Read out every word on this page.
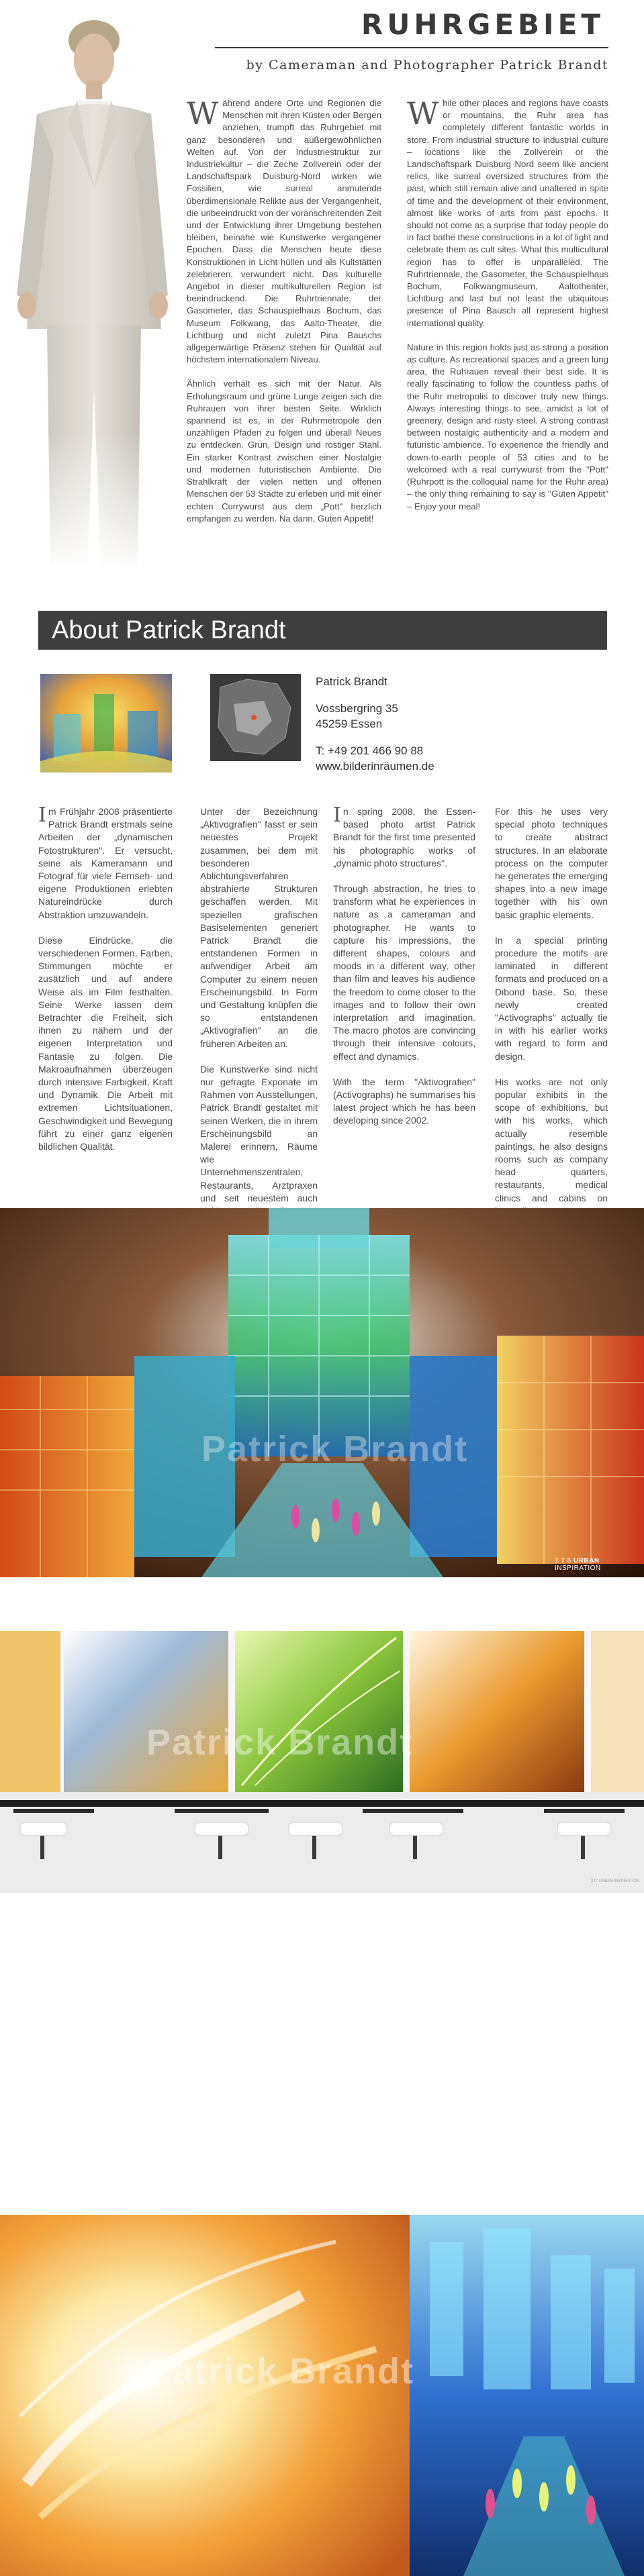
RUHRGEBIET
by Cameraman and Photographer Patrick Brandt

Während andere Orte und Regionen die Menschen mit ihren Küsten oder Bergen anziehen, trumpft das Ruhrgebiet mit ganz besonderen und außergewöhnlichen Welten auf. Von der Industriestruktur zur Industriekultur – die Zeche Zollverein oder der Landschaftspark Duisburg-Nord wirken wie Fossilien, wie surreal anmutende überdimensionale Relikte aus der Vergangenheit, die unbeeindruckt von der voranschreitenden Zeit und der Entwicklung ihrer Umgebung bestehen bleiben, beinahe wie Kunstwerke vergangener Epochen. Dass die Menschen heute diese Konstruktionen in Licht hüllen und als Kultstätten zelebrieren, verwundert nicht. Das kulturelle Angebot in dieser multikulturellen Region ist beeindruckend. Die Ruhrtriennale, der Gasometer, das Schauspielhaus Bochum, das Museum Folkwang, das Aalto-Theater, die Lichtburg und nicht zuletzt Pina Bauschs allgegenwärtige Präsenz stehen für Qualität auf höchstem internationalem Niveau.

Ähnlich verhält es sich mit der Natur. Als Erholungsraum und grüne Lunge zeigen sich die Ruhrauen von ihrer besten Seite. Wirklich spannend ist es, in der Ruhrmetropole den unzähligen Pfaden zu folgen und überall Neues zu entdecken. Grün, Design und rostiger Stahl. Ein starker Kontrast zwischen einer Nostalgie und modernen futuristischen Ambiente. Die Strahlkraft der vielen netten und offenen Menschen der 53 Städte zu erleben und mit einer echten Currywurst aus dem „Pott" herzlich empfangen zu werden. Na dann, Guten Appetit!

While other places and regions have coasts or mountains, the Ruhr area has completely different fantastic worlds in store. From industrial structure to industrial culture – locations like the Zollverein or the Landschaftspark Duisburg Nord seem like ancient relics, like surreal oversized structures from the past, which still remain alive and unaltered in spite of time and the development of their environment, almost like works of arts from past epochs. It should not come as a surprise that today people do in fact bathe these constructions in a lot of light and celebrate them as cult sites. What this multicultural region has to offer is unparalleled. The Ruhrtriennale, the Gasometer, the Schauspielhaus Bochum, Folkwangmuseum, Aaltotheater, Lichtburg and last but not least the ubiquitous presence of Pina Bausch all represent highest international quality.

Nature in this region holds just as strong a position as culture. As recreational spaces and a green lung area, the Ruhrauen reveal their best side. It is really fascinating to follow the countless paths of the Ruhr metropolis to discover truly new things. Always interesting things to see, amidst a lot of greenery, design and rusty steel. A strong contrast between nostalgic authenticity and a modern and futuristic ambience. To experience the friendly and down-to-earth people of 53 cities and to be welcomed with a real currywurst from the "Pott" (Ruhrpott is the colloquial name for the Ruhr area) – the only thing remaining to say is "Guten Appetit" – Enjoy your meal!

About Patrick Brandt
Patrick Brandt
Vossbergring 35
45259 Essen
T: +49 201 466 90 88
www.bilderinräumen.de

Im Frühjahr 2008 präsentierte Patrick Brandt erstmals seine Arbeiten der „dynamischen Fotostrukturen". Er versucht, seine als Kameramann und Fotograf für viele Fernseh- und eigene Produktionen erlebten Natureindrücke durch Abstraktion umzuwandeln.

Diese Eindrücke, die verschiedenen Formen, Farben, Stimmungen möchte er zusätzlich und auf andere Weise als im Film festhalten. Seine Werke lassen dem Betrachter die Freiheit, sich ihnen zu nähern und der eigenen Interpretation und Fantasie zu folgen. Die Makroaufnahmen überzeugen durch intensive Farbigkeit, Kraft und Dynamik. Die Arbeit mit extremen Lichtsituationen, Geschwindigkeit und Bewegung führt zu einer ganz eigenen bildlichen Qualität.

Unter der Bezeichnung „Aktivografien" fasst er sein neuestes Projekt zusammen, bei dem mit besonderen Ablichtungsverfahren abstrahierte Strukturen geschaffen werden. Mit speziellen grafischen Basiselementen generiert Patrick Brandt die entstandenen Formen in aufwendiger Arbeit am Computer zu einem neuen Erscheinungsbild. In Form und Gestaltung knüpfen die so entstandenen „Aktivografien" an die früheren Arbeiten an.

Die Kunstwerke sind nicht nur gefragte Exponate im Rahmen von Ausstellungen, Patrick Brandt gestaltet mit seinen Werken, die in ihrem Erscheinungsbild an Malerei erinnern, Räume wie Unternehmenszentralen, Restaurants, Arztpraxen und seit neuestem auch

In spring 2008, the Essen-based photo artist Patrick Brandt for the first time presented his photographic works of „dynamic photo structures".

Through abstraction, he tries to transform what he experiences in nature as a cameraman and photographer. He wants to capture his impressions, the different shapes, colours and moods in a different way, other than film and leaves his audience the freedom to come closer to the images and to follow their own interpretation and imagination. The macro photos are convincing through their intensive colours, effect and dynamics.

With the term "Aktivografien" (Activographs) he summarises his latest project which he has been developing since 2002.

For this he uses very special photo techniques to create abstract structures. In an elaborate process on the computer he generates the emerging shapes into a new image together with his own basic graphic elements.

In a special printing procedure the motifs are laminated in different formats and produced on a Dibond base. So, these newly created "Activographs" actually tie in with his earlier works with regard to form and design.

His works are not only popular exhibits in the scope of exhibitions, but with his works, which actually resemble paintings, he also designs rooms such as company head quarters, restaurants, medical clinics and cabins on

Patrick Brandt
2 7 6 URBAN INSPIRATION
Patrick Brandt
277 URBAN INSPIRATION
Patrick Brandt
